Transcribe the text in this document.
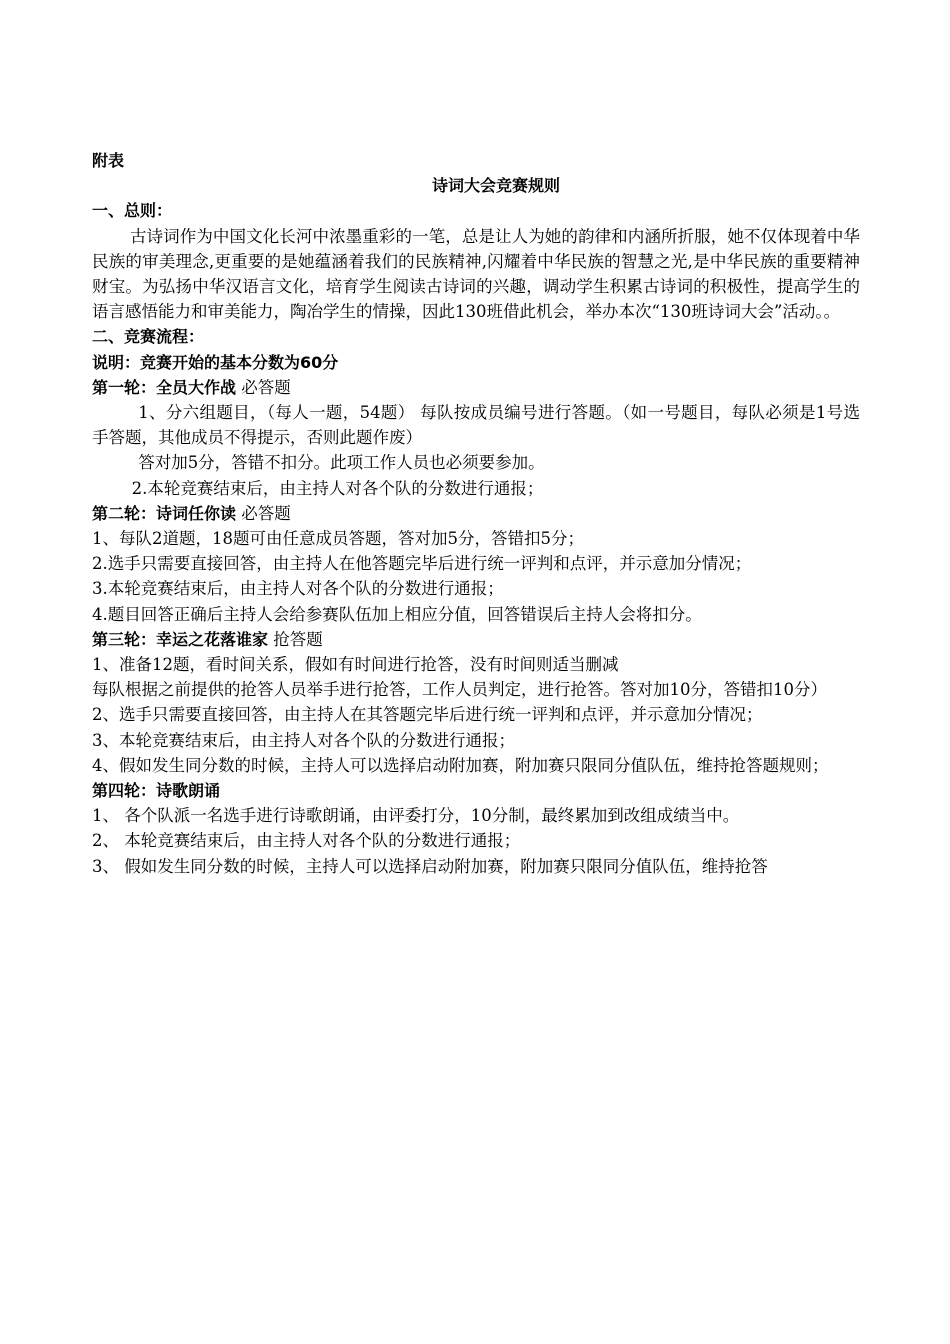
附表
诗词大会竞赛规则
一、总则：
古诗词作为中国文化长河中浓墨重彩的一笔，总是让人为她的韵律和内涵所折服，她不仅体现着中华民族的审美理念,更重要的是她蕴涵着我们的民族精神,闪耀着中华民族的智慧之光,是中华民族的重要精神财宝。为弘扬中华汉语言文化，培育学生阅读古诗词的兴趣，调动学生积累古诗词的积极性，提高学生的语言感悟能力和审美能力，陶冶学生的情操，因此130班借此机会，举办本次“130班诗词大会”活动。。
二、竞赛流程：
说明：竞赛开始的基本分数为60分
第一轮：全员大作战 必答题
1、分六组题目，（每人一题，54题） 每队按成员编号进行答题。（如一号题目，每队必须是1号选手答题，其他成员不得提示，否则此题作废）
答对加5分，答错不扣分。此项工作人员也必须要参加。
2.本轮竞赛结束后，由主持人对各个队的分数进行通报；
第二轮：诗词任你读 必答题
1、每队2道题，18题可由任意成员答题，答对加5分，答错扣5分；
2.选手只需要直接回答，由主持人在他答题完毕后进行统一评判和点评，并示意加分情况；
3.本轮竞赛结束后，由主持人对各个队的分数进行通报；
4.题目回答正确后主持人会给参赛队伍加上相应分值，回答错误后主持人会将扣分。
第三轮：幸运之花落谁家 抢答题
1、准备12题，看时间关系，假如有时间进行抢答，没有时间则适当删减
每队根据之前提供的抢答人员举手进行抢答，工作人员判定，进行抢答。答对加10分，答错扣10分）
2、选手只需要直接回答，由主持人在其答题完毕后进行统一评判和点评，并示意加分情况；
3、本轮竞赛结束后，由主持人对各个队的分数进行通报；
4、假如发生同分数的时候，主持人可以选择启动附加赛，附加赛只限同分值队伍，维持抢答题规则；
第四轮：诗歌朗诵
1、 各个队派一名选手进行诗歌朗诵，由评委打分，10分制，最终累加到改组成绩当中。
2、 本轮竞赛结束后，由主持人对各个队的分数进行通报；
3、 假如发生同分数的时候，主持人可以选择启动附加赛，附加赛只限同分值队伍，维持抢答
